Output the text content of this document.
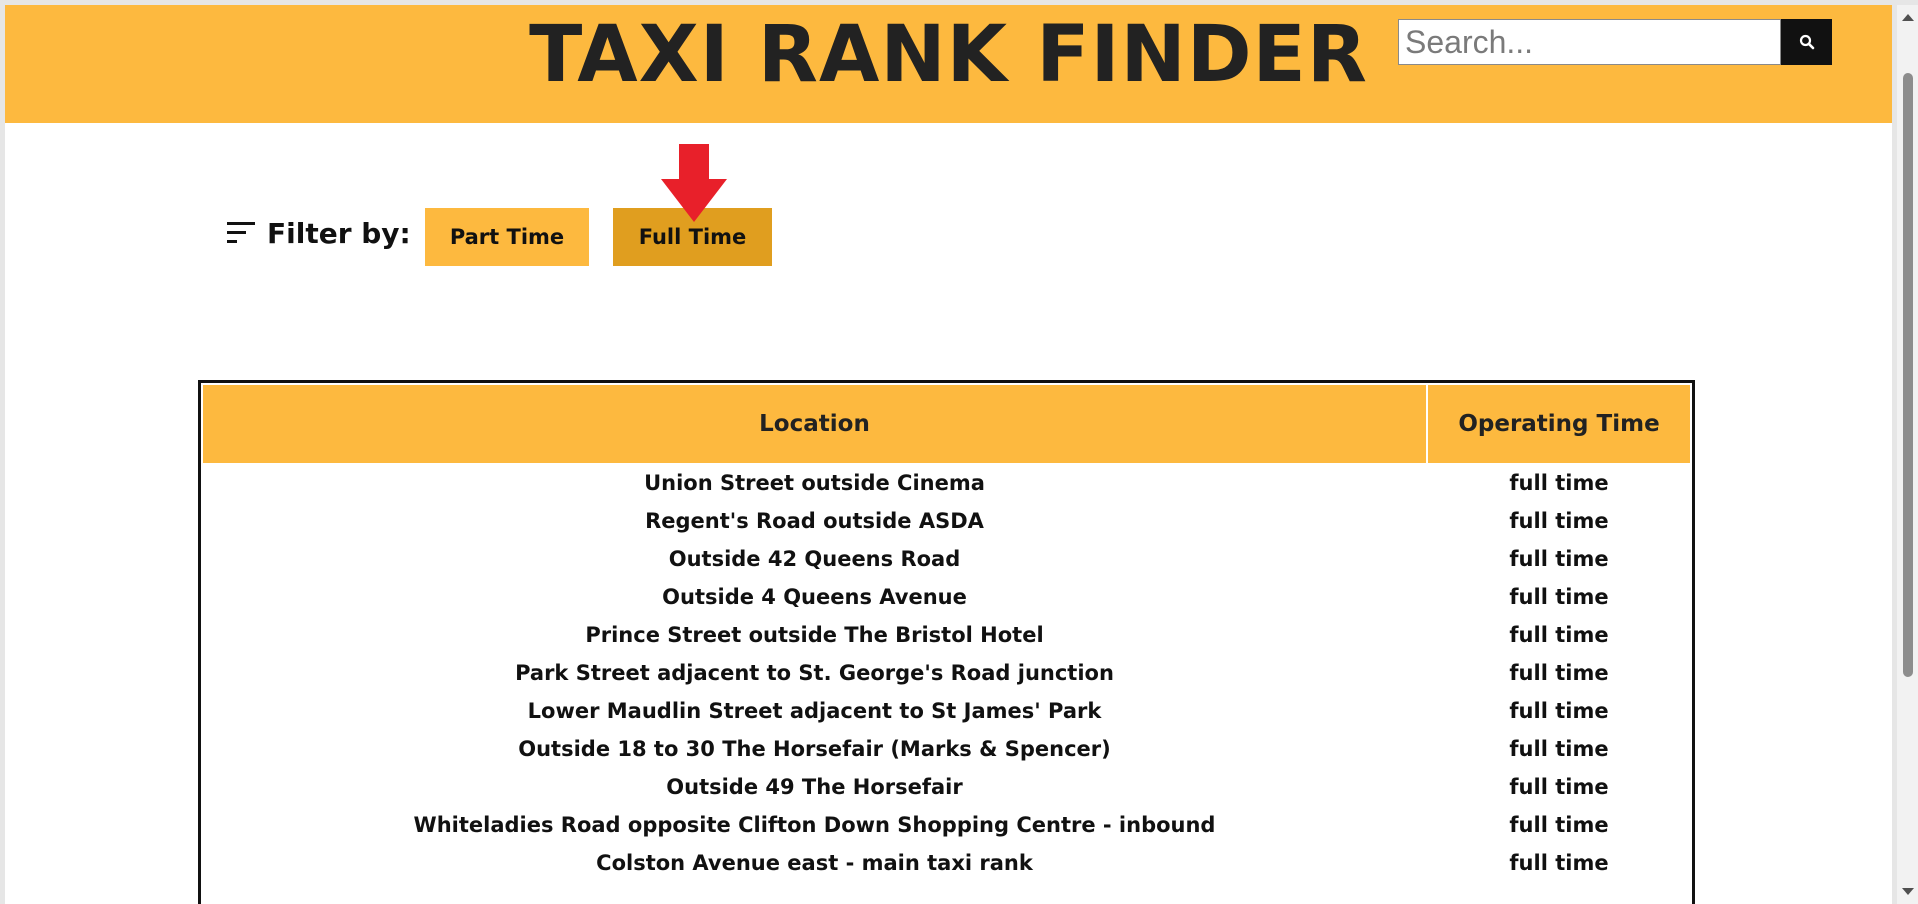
TAXI RANK FINDER
Search...
Filter by:	Part Time	Full Time
Location	Operating Time
Union Street outside Cinema	full time
Regent's Road outside ASDA	full time
Outside 42 Queens Road	full time
Outside 4 Queens Avenue	full time
Prince Street outside The Bristol Hotel	full time
Park Street adjacent to St. George's Road junction	full time
Lower Maudlin Street adjacent to St James' Park	full time
Outside 18 to 30 The Horsefair (Marks & Spencer)	full time
Outside 49 The Horsefair	full time
Whiteladies Road opposite Clifton Down Shopping Centre - inbound	full time
Colston Avenue east - main taxi rank	full time
